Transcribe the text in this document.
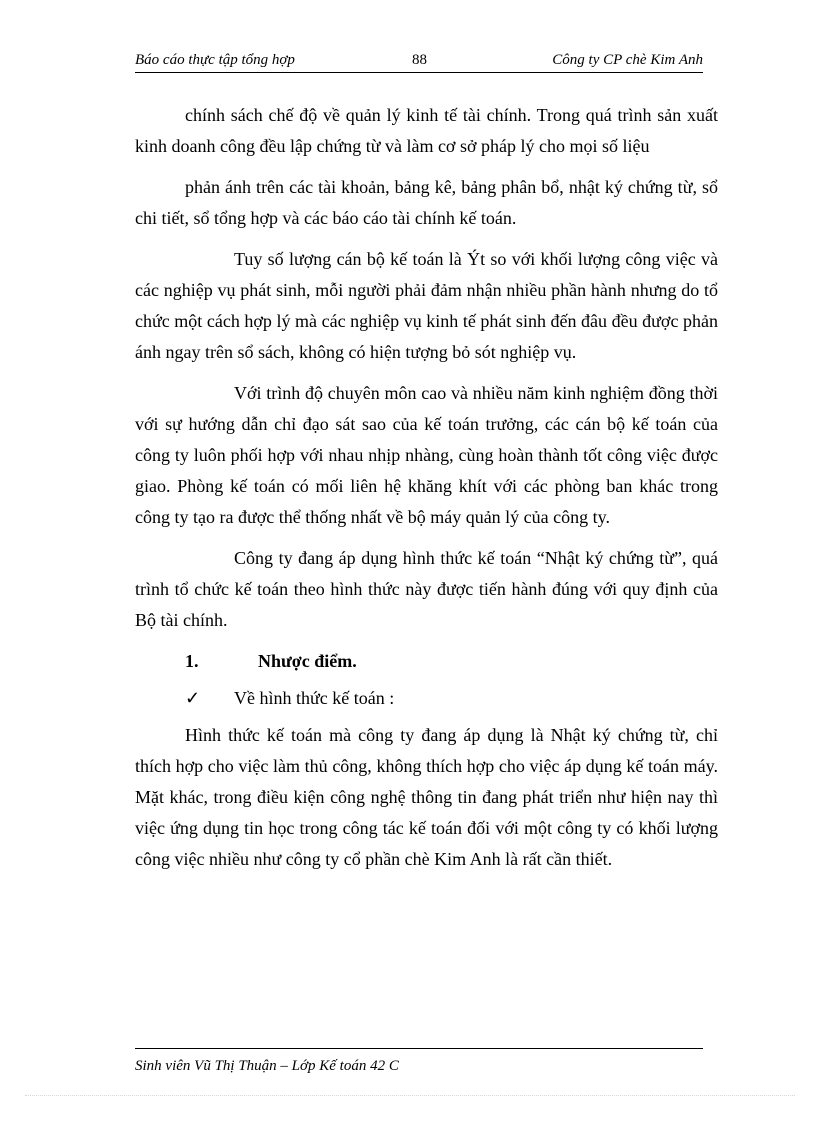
Báo cáo thực tập tổng hợp	88	Công ty CP chè Kim Anh

chính sách chế độ về quản lý kinh tế tài chính. Trong quá trình sản xuất kinh doanh công đều lập chứng từ và làm cơ sở pháp lý cho mọi số liệu

phản ánh trên các tài khoản, bảng kê, bảng phân bổ, nhật ký chứng từ, sổ chi tiết, sổ tổng hợp và các báo cáo tài chính kế toán.

Tuy số lượng cán bộ kế toán là Ýt so với khối lượng công việc và các nghiệp vụ phát sinh, mỗi người phải đảm nhận nhiều phần hành nhưng do tổ chức một cách hợp lý mà các nghiệp vụ kinh tế phát sinh đến đâu đều được phản ánh ngay trên sổ sách, không có hiện tượng bỏ sót nghiệp vụ.

Với trình độ chuyên môn cao và nhiều năm kinh nghiệm đồng thời với sự hướng dẫn chỉ đạo sát sao của kế toán trưởng, các cán bộ kế toán của công ty luôn phối hợp với nhau nhịp nhàng, cùng hoàn thành tốt công việc được giao. Phòng kế toán có mối liên hệ khăng khít với các phòng ban khác trong công ty tạo ra được thể thống nhất về bộ máy quản lý của công ty.

Công ty đang áp dụng hình thức kế toán “Nhật ký chứng từ”, quá trình tổ chức kế toán theo hình thức này được tiến hành đúng với quy định của Bộ tài chính.

1.	Nhược điểm.
✓ Về hình thức kế toán :

Hình thức kế toán mà công ty đang áp dụng là Nhật ký chứng từ, chỉ thích hợp cho việc làm thủ công, không thích hợp cho việc áp dụng kế toán máy. Mặt khác, trong điều kiện công nghệ thông tin đang phát triển như hiện nay thì việc ứng dụng tin học trong công tác kế toán đối với một công ty có khối lượng công việc nhiều như công ty cổ phần chè Kim Anh là rất cần thiết.

Sinh viên Vũ Thị Thuận – Lớp Kế toán 42 C
